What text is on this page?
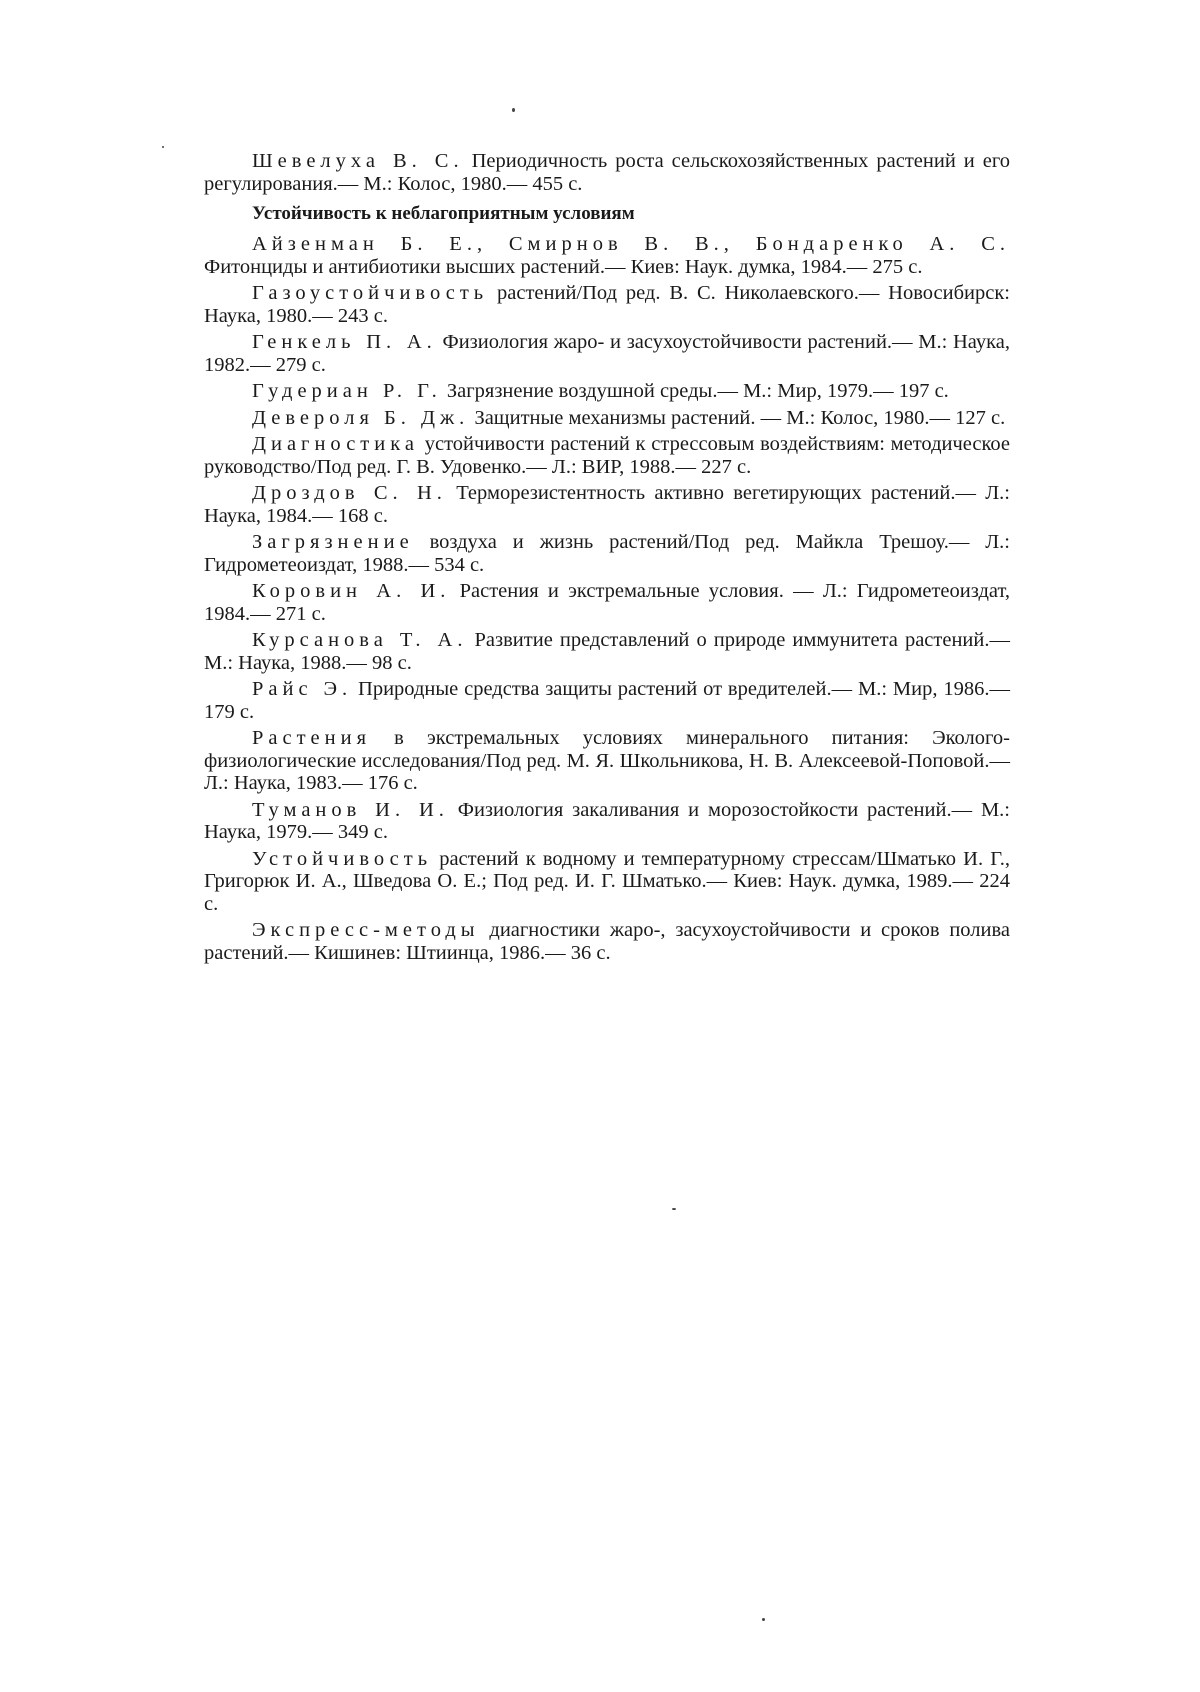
Шевелуха В. С. Периодичность роста сельскохозяйственных растений и его регулирования.— М.: Колос, 1980.— 455 с.

Устойчивость к неблагоприятным условиям

Айзенман Б. Е., Смирнов В. В., Бондаренко А. С. Фитонциды и антибиотики высших растений.— Киев: Наук. думка, 1984.— 275 с.

Газоустойчивость растений/Под ред. В. С. Николаевского.— Новосибирск: Наука, 1980.— 243 с.

Генкель П. А. Физиология жаро- и засухоустойчивости растений.— М.: Наука, 1982.— 279 с.

Гудериан Р. Г. Загрязнение воздушной среды.— М.: Мир, 1979.— 197 с.

Девероля Б. Дж. Защитные механизмы растений. — М.: Колос, 1980.— 127 с.

Диагностика устойчивости растений к стрессовым воздействиям: методическое руководство/Под ред. Г. В. Удовенко.— Л.: ВИР, 1988.— 227 с.

Дроздов С. Н. Терморезистентность активно вегетирующих растений.— Л.: Наука, 1984.— 168 с.

Загрязнение воздуха и жизнь растений/Под ред. Майкла Трешоу.— Л.: Гидрометеоиздат, 1988.— 534 с.

Коровин А. И. Растения и экстремальные условия. — Л.: Гидрометеоиздат, 1984.— 271 с.

Курсанова Т. А. Развитие представлений о природе иммунитета растений.— М.: Наука, 1988.— 98 с.

Райс Э. Природные средства защиты растений от вредителей.— М.: Мир, 1986.— 179 с.

Растения в экстремальных условиях минерального питания: Эколого-физиологические исследования/Под ред. М. Я. Школьникова, Н. В. Алексеевой-Поповой.— Л.: Наука, 1983.— 176 с.

Туманов И. И. Физиология закаливания и морозостойкости растений.— М.: Наука, 1979.— 349 с.

Устойчивость растений к водному и температурному стрессам/Шматько И. Г., Григорюк И. А., Шведова О. Е.; Под ред. И. Г. Шматько.— Киев: Наук. думка, 1989.— 224 с.

Экспресс-методы диагностики жаро-, засухоустойчивости и сроков полива растений.— Кишинев: Штиинца, 1986.— 36 с.
